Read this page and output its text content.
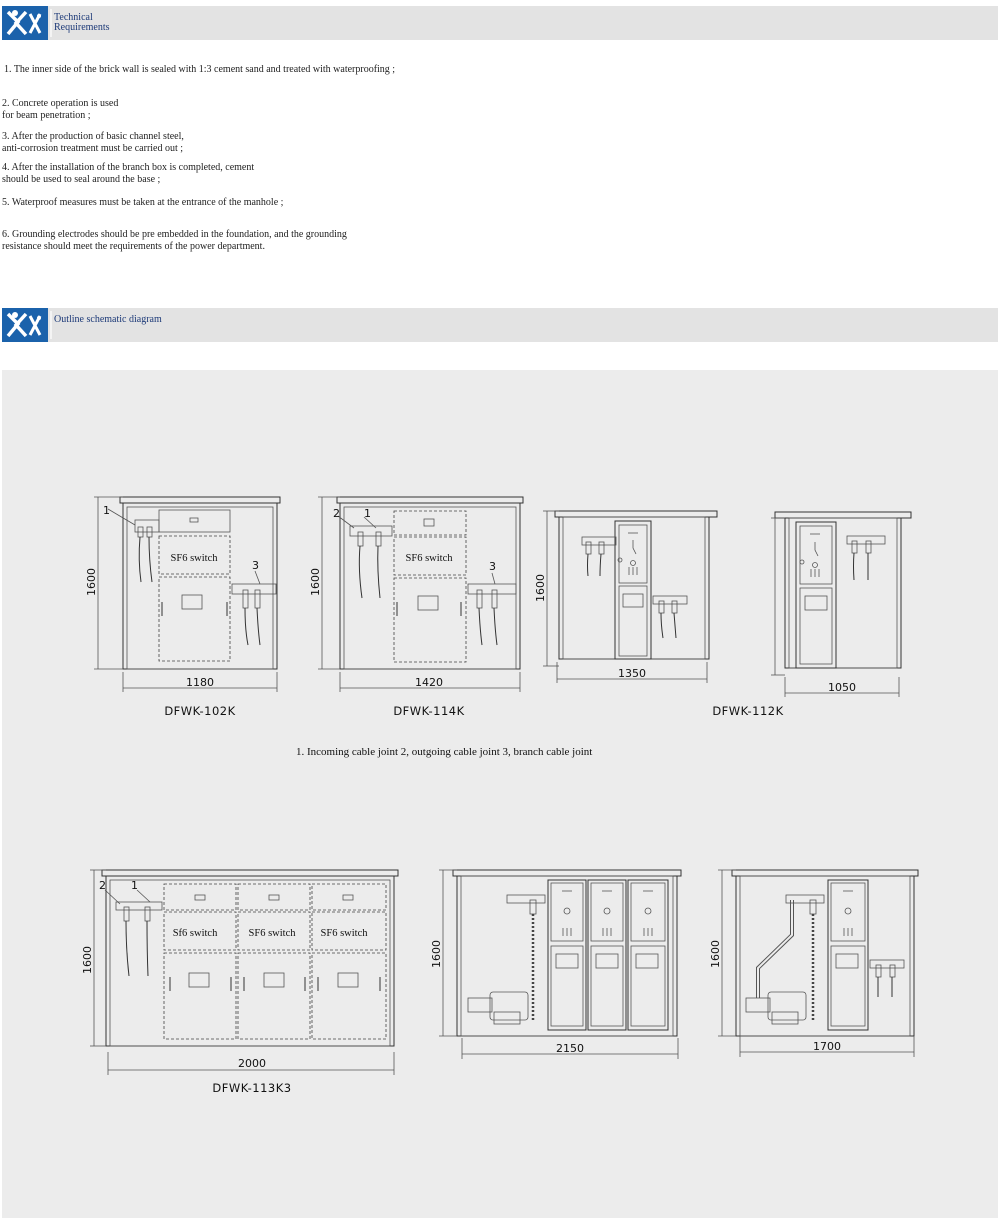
Technical
Requirements
1. The inner side of the brick wall is sealed with 1:3 cement sand and treated with waterproofing ;
2. Concrete operation is used
for beam penetration ;
3. After the production of basic channel steel,
anti-corrosion treatment must be carried out ;
4. After the installation of the branch box is completed, cement
should be used to seal around the base ;
5. Waterproof measures must be taken at the entrance of the manhole ;
6. Grounding electrodes should be pre embedded in the foundation, and the grounding
resistance should meet the requirements of the power department.
Outline schematic diagram
SF6 switch
1
3
1600
1180
DFWK-102K
SF6 switch
2 1
3
1600
1420
DFWK-114K
1600
1350
1050
DFWK-112K
1. Incoming cable joint 2, outgoing cable joint 3, branch cable joint
Sf6 switch	SF6 switch SF6 switch
2 1
1600
2000
DFWK-113K3
1600
2150
1600
1700
